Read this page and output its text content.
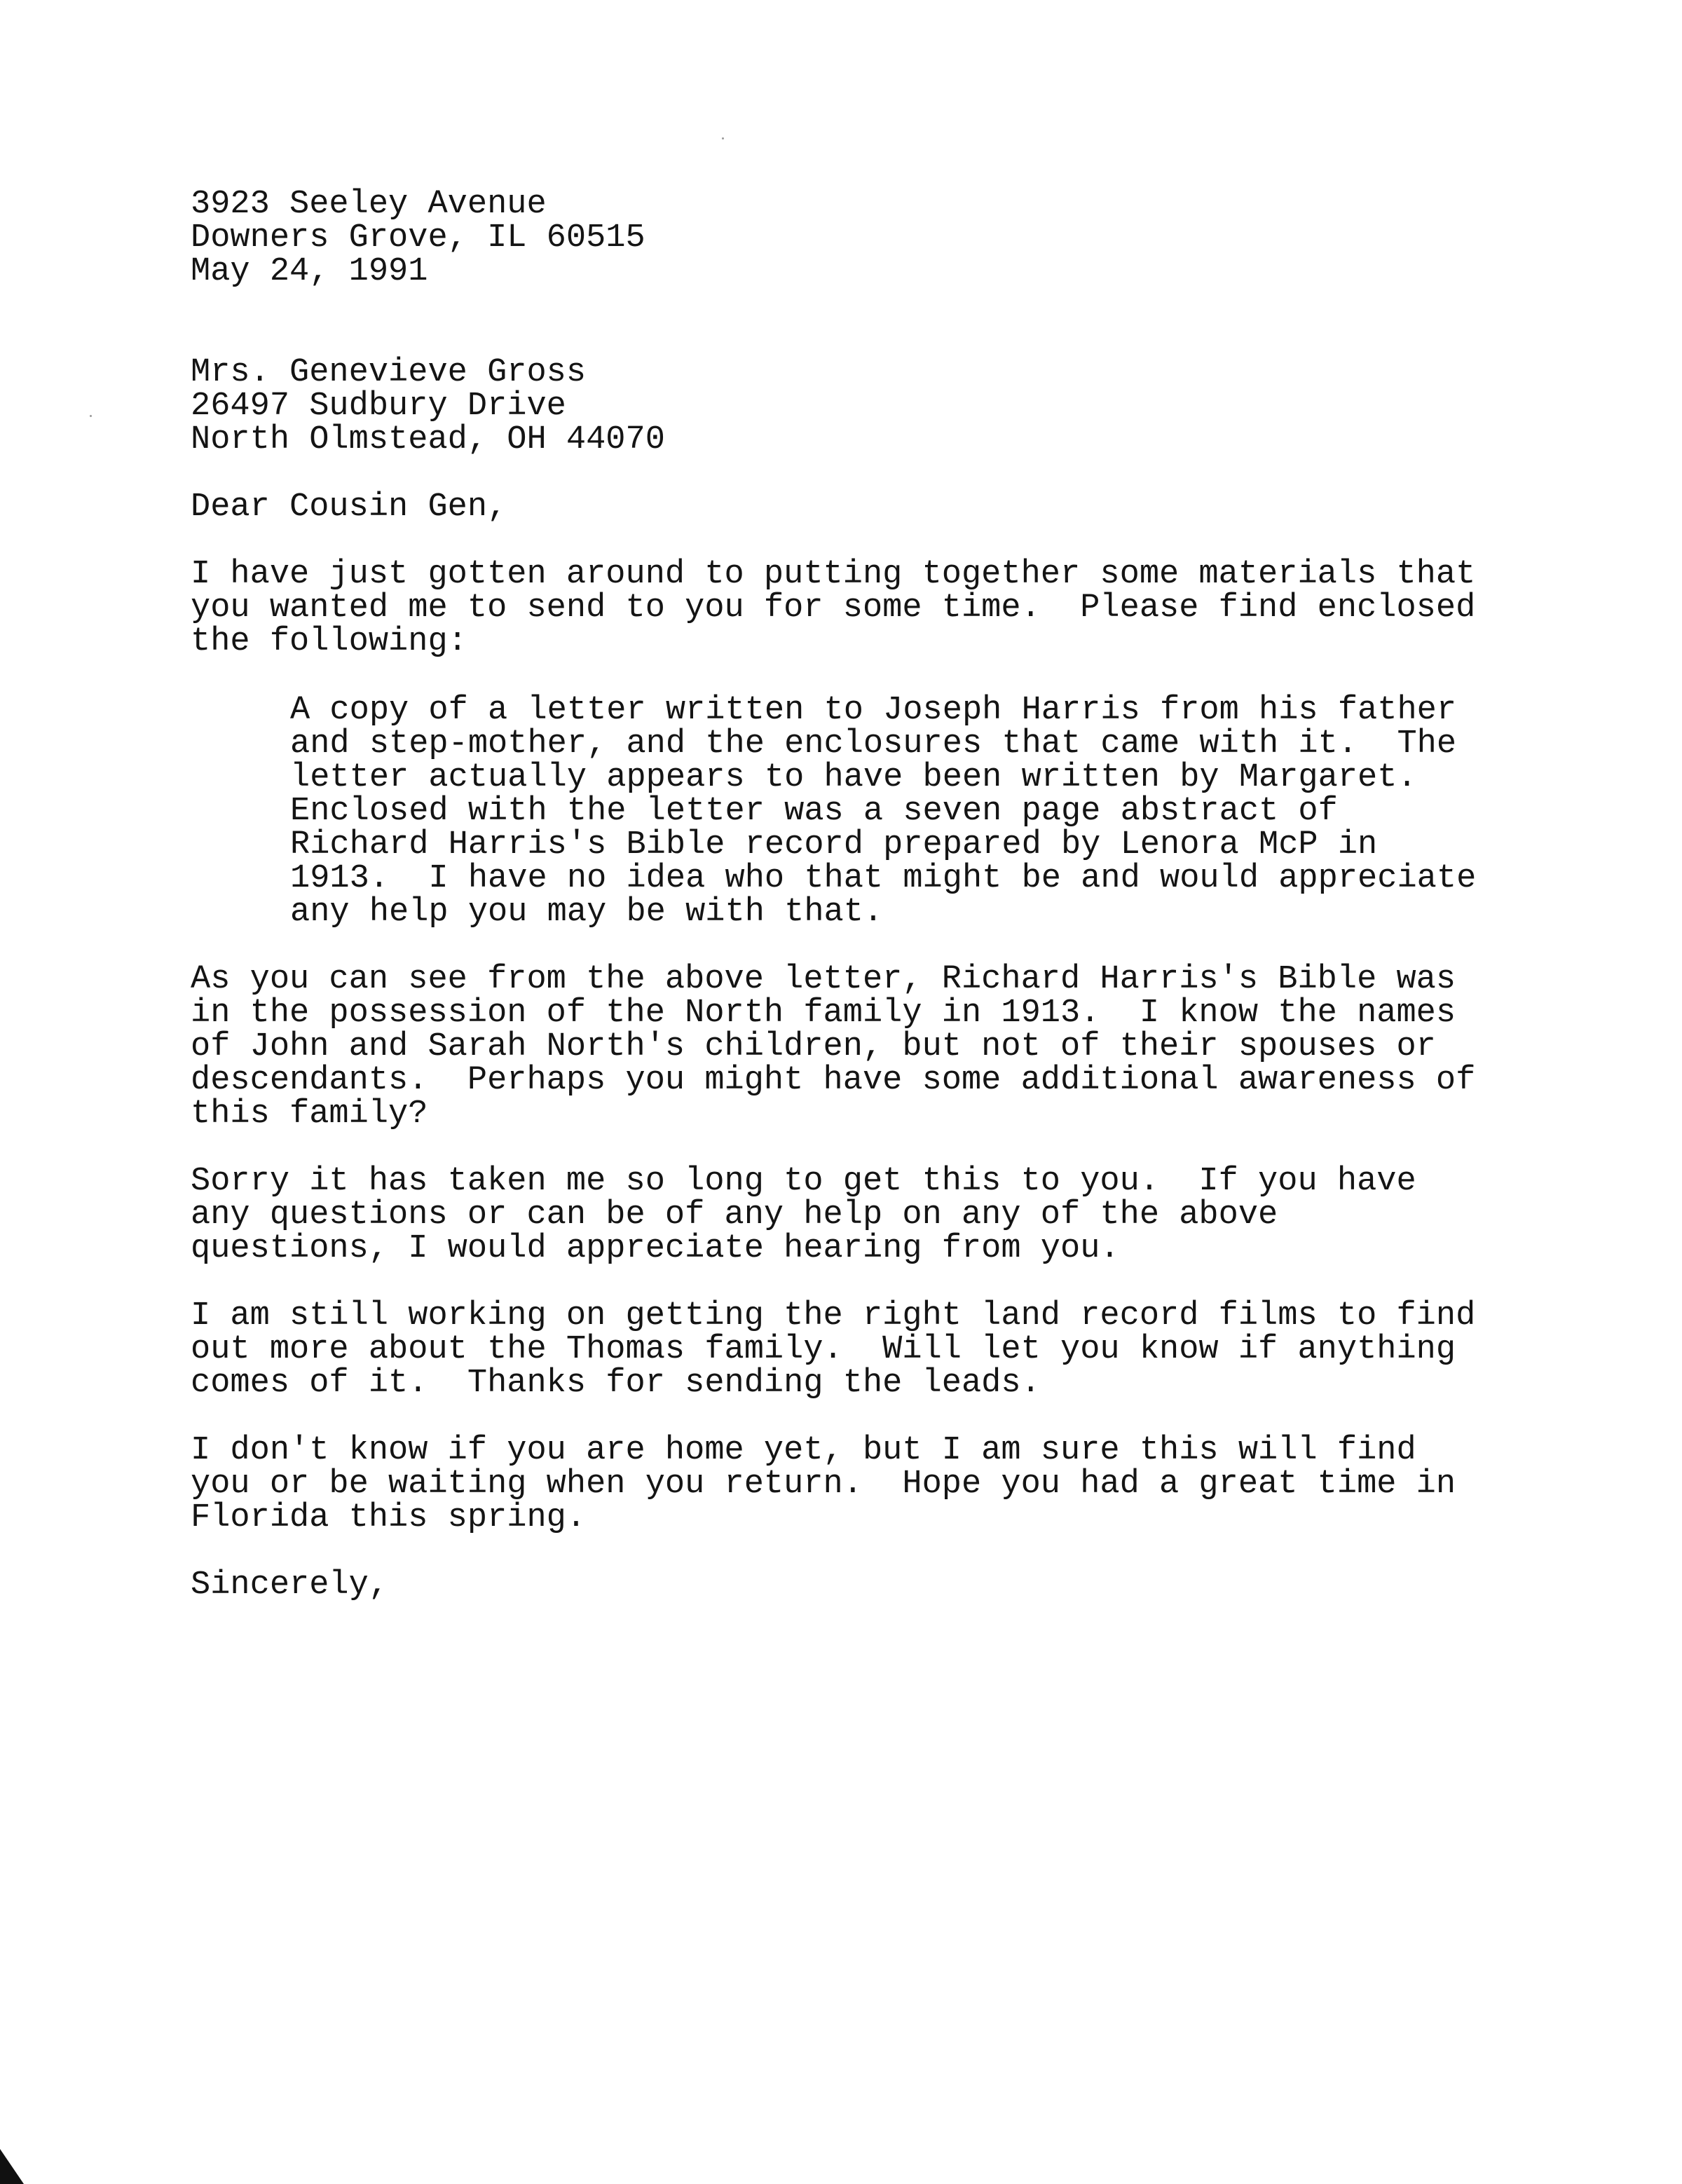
3923 Seeley Avenue
Downers Grove, IL 60515
May 24, 1991
Mrs. Genevieve Gross
26497 Sudbury Drive
North Olmstead, OH 44070
Dear Cousin Gen,
I have just gotten around to putting together some materials that
you wanted me to send to you for some time.  Please find enclosed
the following:
A copy of a letter written to Joseph Harris from his father
and step-mother, and the enclosures that came with it.  The
letter actually appears to have been written by Margaret.
Enclosed with the letter was a seven page abstract of
Richard Harris's Bible record prepared by Lenora McP in
1913.  I have no idea who that might be and would appreciate
any help you may be with that.
As you can see from the above letter, Richard Harris's Bible was
in the possession of the North family in 1913.  I know the names
of John and Sarah North's children, but not of their spouses or
descendants.  Perhaps you might have some additional awareness of
this family?
Sorry it has taken me so long to get this to you.  If you have
any questions or can be of any help on any of the above
questions, I would appreciate hearing from you.
I am still working on getting the right land record films to find
out more about the Thomas family.  Will let you know if anything
comes of it.  Thanks for sending the leads.
I don't know if you are home yet, but I am sure this will find
you or be waiting when you return.  Hope you had a great time in
Florida this spring.
Sincerely,
